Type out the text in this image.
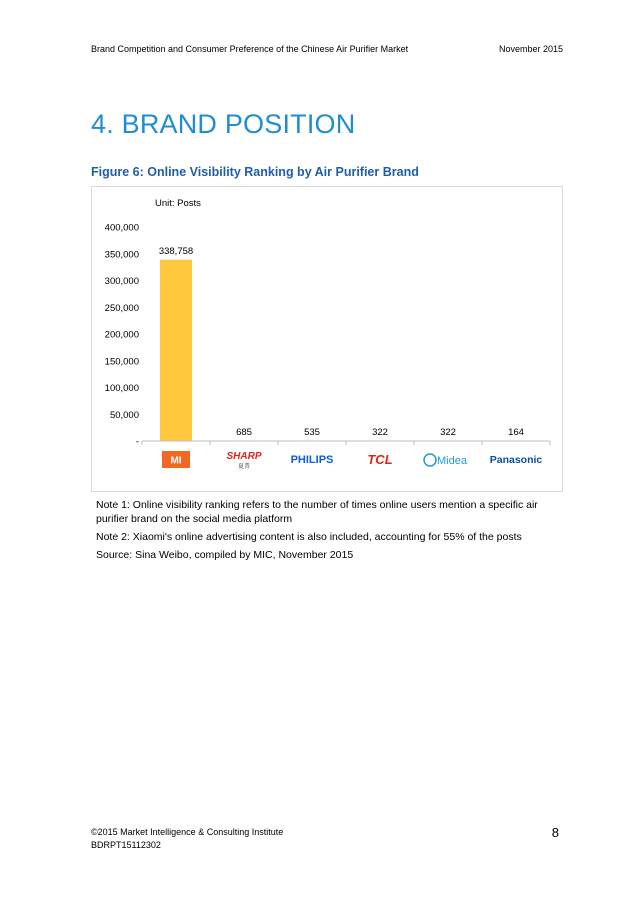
Brand Competition and Consumer Preference of the Chinese Air Purifier Market	November 2015
4. BRAND POSITION
Figure 6: Online Visibility Ranking by Air Purifier Brand
Unit: Posts
-
50,000
100,000
150,000
200,000
250,000
300,000
350,000
400,000
338,758
685	535	322	322	164
MI	SHARP
夏普
PHILIPS	TCL	Midea Panasonic

Note 1: Online visibility ranking refers to the number of times online users mention a specific air purifier brand on the social media platform

Note 2: Xiaomi's online advertising content is also included, accounting for 55% of the posts

Source: Sina Weibo, compiled by MIC, November 2015

©2015 Market Intelligence & Consulting Institute
BDRPT15112302
8
